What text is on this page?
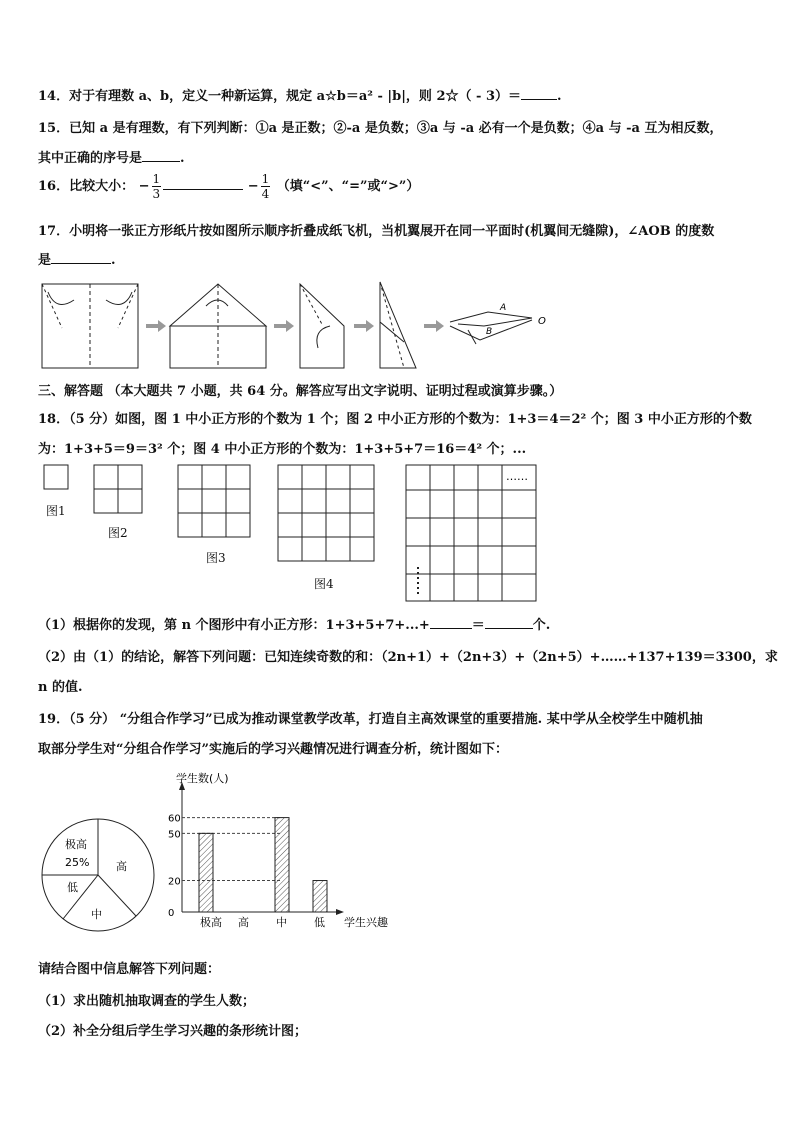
14．对于有理数 a、b，定义一种新运算，规定 a☆b＝a² - |b|，则 2☆（ - 3）＝	.
15．已知 a 是有理数，有下列判断：①a 是正数；②-a 是负数；③a 与 -a 必有一个是负数；④a 与 -a 互为相反数，
其中正确的序号是	.
16．比较大小： − $\frac{1}{3}$	− $\frac{1}{4}$ （填“<”、“=”或“>”）
17．小明将一张正方形纸片按如图所示顺序折叠成纸飞机，当机翼展开在同一平面时(机翼间无缝隙)，∠AOB 的度数
是	.
A
B
O
三、解答题 （本大题共 7 小题，共 64 分。解答应写出文字说明、证明过程或演算步骤。）
18．（5 分）如图，图 1 中小正方形的个数为 1 个；图 2 中小正方形的个数为：1+3＝4＝2² 个；图 3 中小正方形的个数
为：1+3+5＝9＝3² 个；图 4 中小正方形的个数为：1+3+5+7＝16＝4² 个；...
……
图1
图2
图3
图4
（1）根据你的发现，第 n 个图形中有小正方形：1+3+5+7+...+	＝	个.
（2）由（1）的结论，解答下列问题：已知连续奇数的和：（2n+1）+（2n+3）+（2n+5）+……+137+139＝3300，求
n 的值.
19．（5 分） “分组合作学习”已成为推动课堂教学改革，打造自主高效课堂的重要措施. 某中学从全校学生中随机抽
取部分学生对“分组合作学习”实施后的学习兴趣情况进行调查分析，统计图如下：
极高
25% 高
低
中
学生数(人)
学生兴趣
0
20
50
60
极高 高 中 低
请结合图中信息解答下列问题：
（1）求出随机抽取调查的学生人数；
（2）补全分组后学生学习兴趣的条形统计图；
